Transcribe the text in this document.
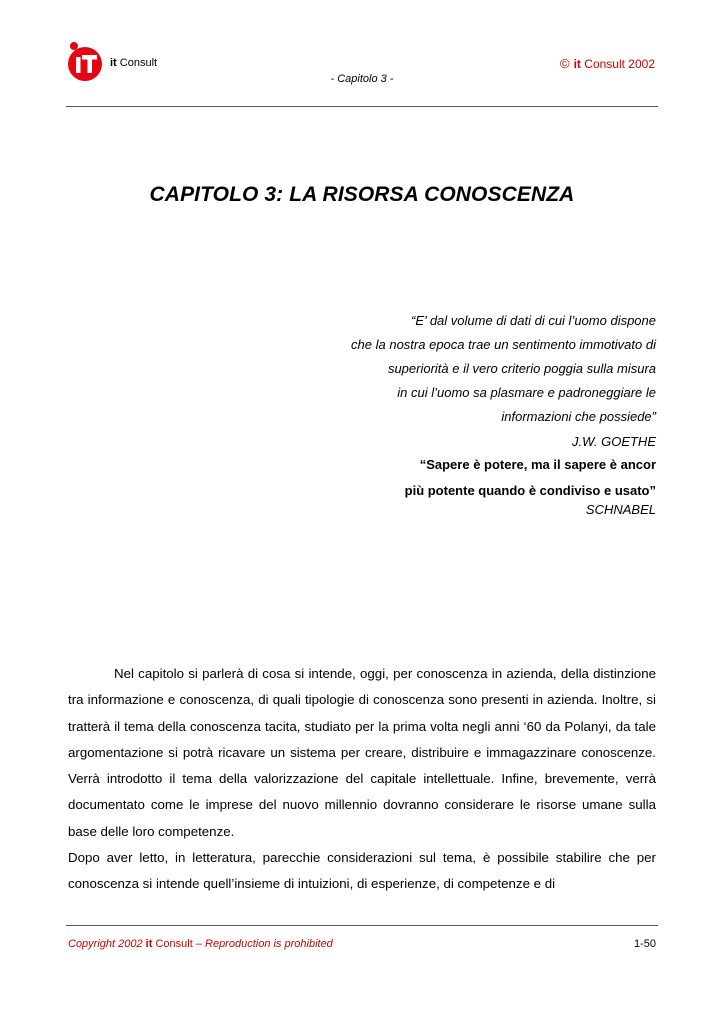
it Consult	© it Consult 2002
- Capitolo 3 -
CAPITOLO 3: LA RISORSA CONOSCENZA
“E’ dal volume di dati di cui l’uomo dispone
che la nostra epoca trae un sentimento immotivato di
superiorità e il vero criterio poggia sulla misura
in cui l’uomo sa plasmare e padroneggiare le
informazioni che possiede”
J.W. GOETHE
“Sapere è potere, ma il sapere è ancor
più potente quando è condiviso e usato”
SCHNABEL

Nel capitolo si parlerà di cosa si intende, oggi, per conoscenza in azienda, della distinzione tra informazione e conoscenza, di quali tipologie di conoscenza sono presenti in azienda. Inoltre, si tratterà il tema della conoscenza tacita, studiato per la prima volta negli anni ‘60 da Polanyi, da tale argomentazione si potrà ricavare un sistema per creare, distribuire e immagazzinare conoscenze. Verrà introdotto il tema della valorizzazione del capitale intellettuale. Infine, brevemente, verrà documentato come le imprese del nuovo millennio dovranno considerare le risorse umane sulla base delle loro competenze.

Dopo aver letto, in letteratura, parecchie considerazioni sul tema, è possibile stabilire che per conoscenza si intende quell’insieme di intuizioni, di esperienze, di competenze e di

Copyright 2002 it Consult – Reproduction is prohibited	1-50
